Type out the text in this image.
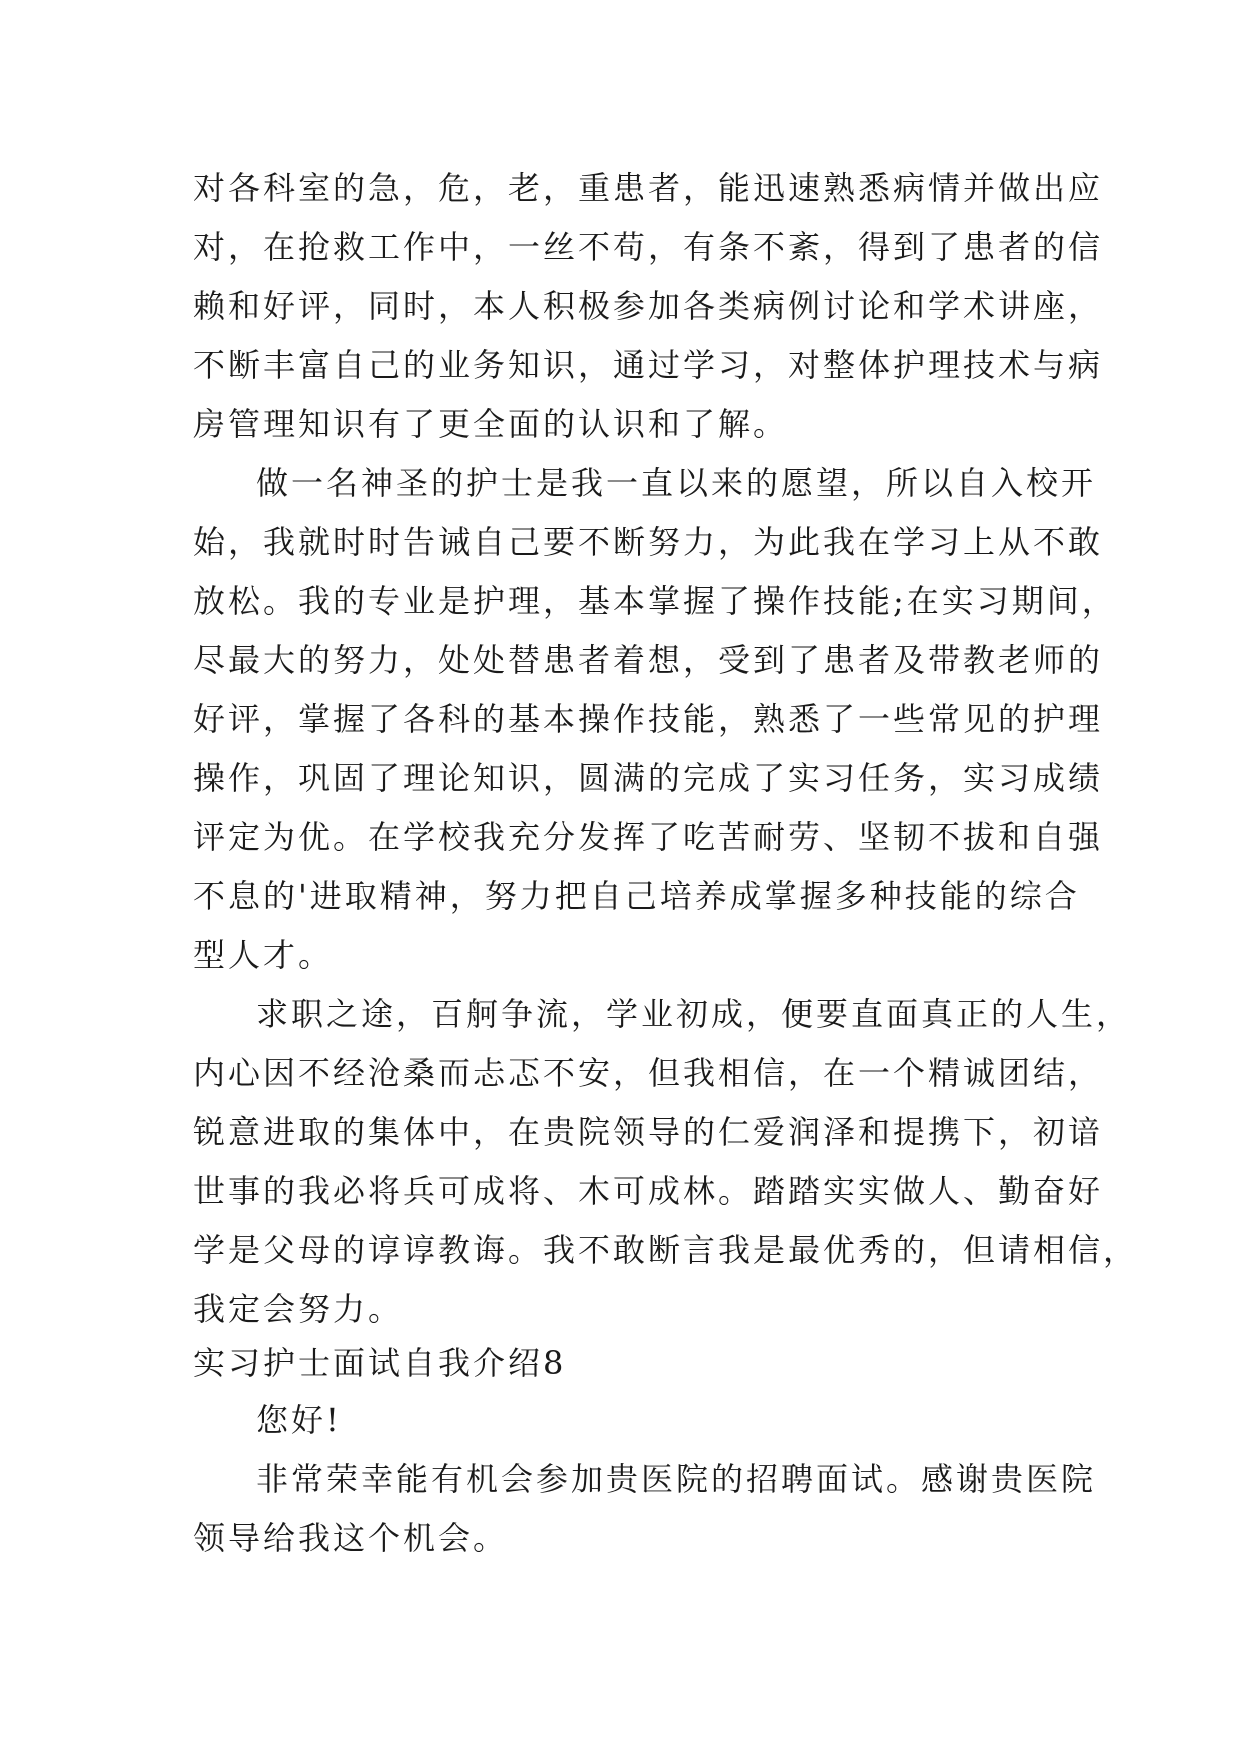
对各科室的急，危，老，重患者，能迅速熟悉病情并做出应

对，在抢救工作中，一丝不苟，有条不紊，得到了患者的信

赖和好评，同时，本人积极参加各类病例讨论和学术讲座，

不断丰富自己的业务知识，通过学习，对整体护理技术与病

房管理知识有了更全面的认识和了解。

做一名神圣的护士是我一直以来的愿望，所以自入校开

始，我就时时告诫自己要不断努力，为此我在学习上从不敢

放松。我的专业是护理，基本掌握了操作技能;在实习期间，

尽最大的努力，处处替患者着想，受到了患者及带教老师的

好评，掌握了各科的基本操作技能，熟悉了一些常见的护理

操作，巩固了理论知识，圆满的完成了实习任务，实习成绩

评定为优。在学校我充分发挥了吃苦耐劳、坚韧不拔和自强

不息的'进取精神，努力把自己培养成掌握多种技能的综合

型人才。

求职之途，百舸争流，学业初成，便要直面真正的人生，

内心因不经沧桑而忐忑不安，但我相信，在一个精诚团结，

锐意进取的集体中，在贵院领导的仁爱润泽和提携下，初谙

世事的我必将兵可成将、木可成林。踏踏实实做人、勤奋好

学是父母的谆谆教诲。我不敢断言我是最优秀的，但请相信，

我定会努力。

实习护士面试自我介绍8

您好!

非常荣幸能有机会参加贵医院的招聘面试。感谢贵医院

领导给我这个机会。
